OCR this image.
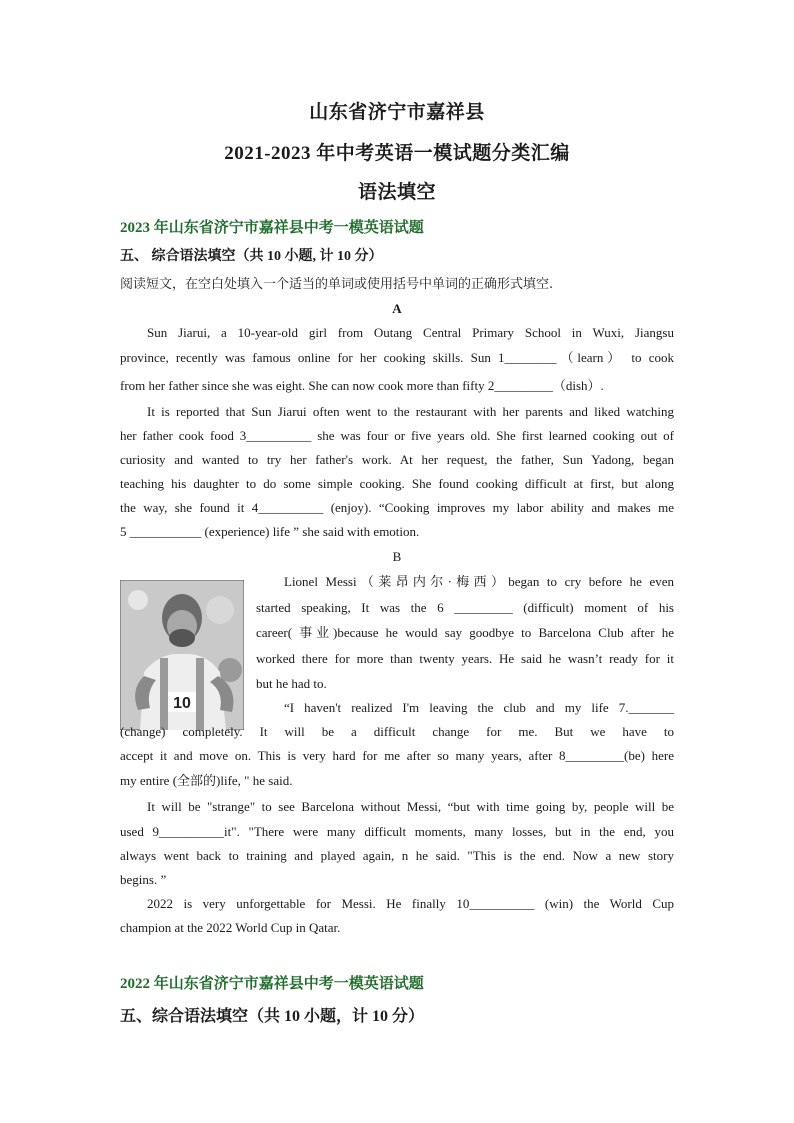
山东省济宁市嘉祥县
2021-2023 年中考英语一模试题分类汇编
语法填空
2023 年山东省济宁市嘉祥县中考一模英语试题
五、 综合语法填空（共 10 小题, 计 10 分）
阅读短文，在空白处填入一个适当的单词或使用括号中单词的正确形式填空.
A
Sun Jiarui, a 10-year-old girl from Outang Central Primary School in Wuxi, Jiangsu
province, recently was famous online for her cooking skills. Sun 1________（learn） to cook
from her father since she was eight. She can now cook more than fifty 2_________（dish）.
It is reported that Sun Jiarui often went to the restaurant with her parents and liked watching
her father cook food 3__________ she was four or five years old. She first learned cooking out of
curiosity and wanted to try her father's work. At her request, the father, Sun Yadong, began
teaching his daughter to do some simple cooking. She found cooking difficult at first, but along
the way, she found it 4__________ (enjoy). “Cooking improves my labor ability and makes me
5 ___________ (experience) life ” she said with emotion.
B
10
Lionel Messi（莱昂内尔·梅西）began to cry before he even
started speaking, It was the 6 _________ (difficult) moment of his
career( 事业)because he would say goodbye to Barcelona Club after he
worked there for more than twenty years. He said he wasn’t ready for it
but he had to.
“I haven't realized I'm leaving the club and my life 7._______
(change) completely. It will be a difficult change for me. But we have to
accept it and move on. This is very hard for me after so many years, after 8_________(be) here
my entire (全部的)life, " he said.
It will be "strange" to see Barcelona without Messi, “but with time going by, people will be
used 9__________it". "There were many difficult moments, many losses, but in the end, you
always went back to training and played again, n he said. "This is the end. Now a new story
begins. ”
2022 is very unforgettable for Messi. He finally 10__________ (win) the World Cup
champion at the 2022 World Cup in Qatar.
2022 年山东省济宁市嘉祥县中考一模英语试题
五、综合语法填空（共 10 小题，计 10 分）
